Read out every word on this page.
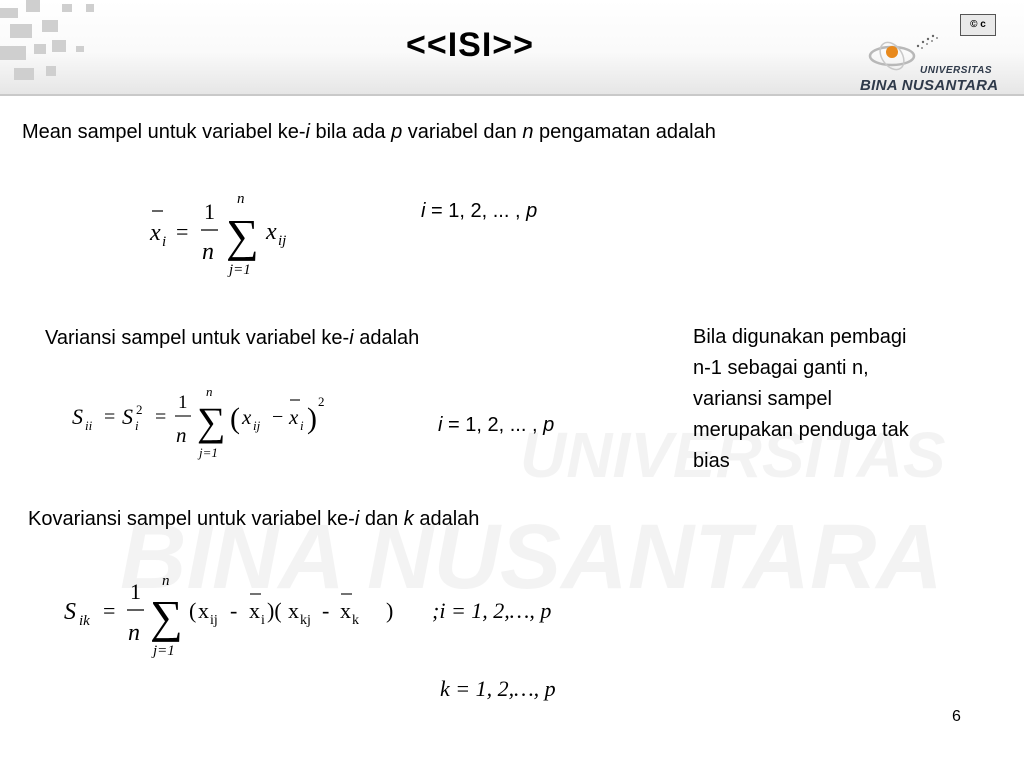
<<ISI>>
© c
UNIVERSITAS
BINA NUSANTARA
Mean sampel untuk variabel ke-i bila ada p variabel dan n pengamatan adalah
x i =
1
n ∑
n
j=1
x ij
i = 1, 2, ... , p
Variansi sampel untuk variabel ke-i adalah
S ii = S 2
i =
1
n ∑
n
j=1
( x ij − x i )
2
i = 1, 2, ... , p
Bila digunakan pembagi
n-1 sebagai ganti n,
variansi sampel
merupakan penduga tak
bias
Kovariansi sampel untuk variabel ke-i dan k adalah
S ik =
1
n ∑
n
j=1
( x ij - x i )( x kj - x k ) ;i = 1, 2,…, p
k = 1, 2,…, p
6
